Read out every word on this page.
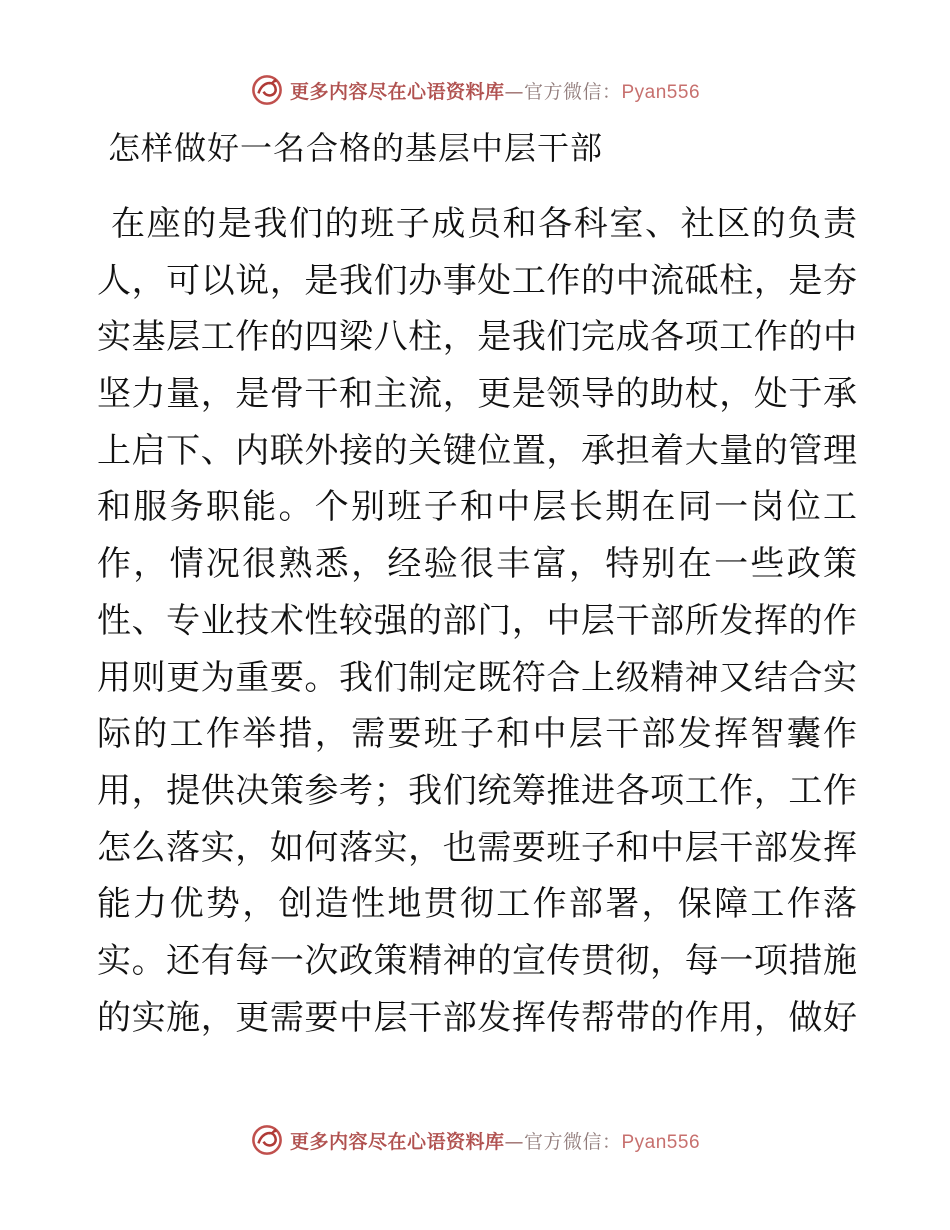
更多内容尽在心语资料库—官方微信：Pyan556
怎样做好一名合格的基层中层干部
在座的是我们的班子成员和各科室、社区的负责
人，可以说，是我们办事处工作的中流砥柱，是夯
实基层工作的四梁八柱，是我们完成各项工作的中
坚力量，是骨干和主流，更是领导的助杖，处于承
上启下、内联外接的关键位置，承担着大量的管理
和服务职能。个别班子和中层长期在同一岗位工
作，情况很熟悉，经验很丰富，特别在一些政策
性、专业技术性较强的部门，中层干部所发挥的作
用则更为重要。我们制定既符合上级精神又结合实
际的工作举措，需要班子和中层干部发挥智囊作
用，提供决策参考；我们统筹推进各项工作，工作
怎么落实，如何落实，也需要班子和中层干部发挥
能力优势，创造性地贯彻工作部署，保障工作落
实。还有每一次政策精神的宣传贯彻，每一项措施
的实施，更需要中层干部发挥传帮带的作用，做好
更多内容尽在心语资料库—官方微信：Pyan556
